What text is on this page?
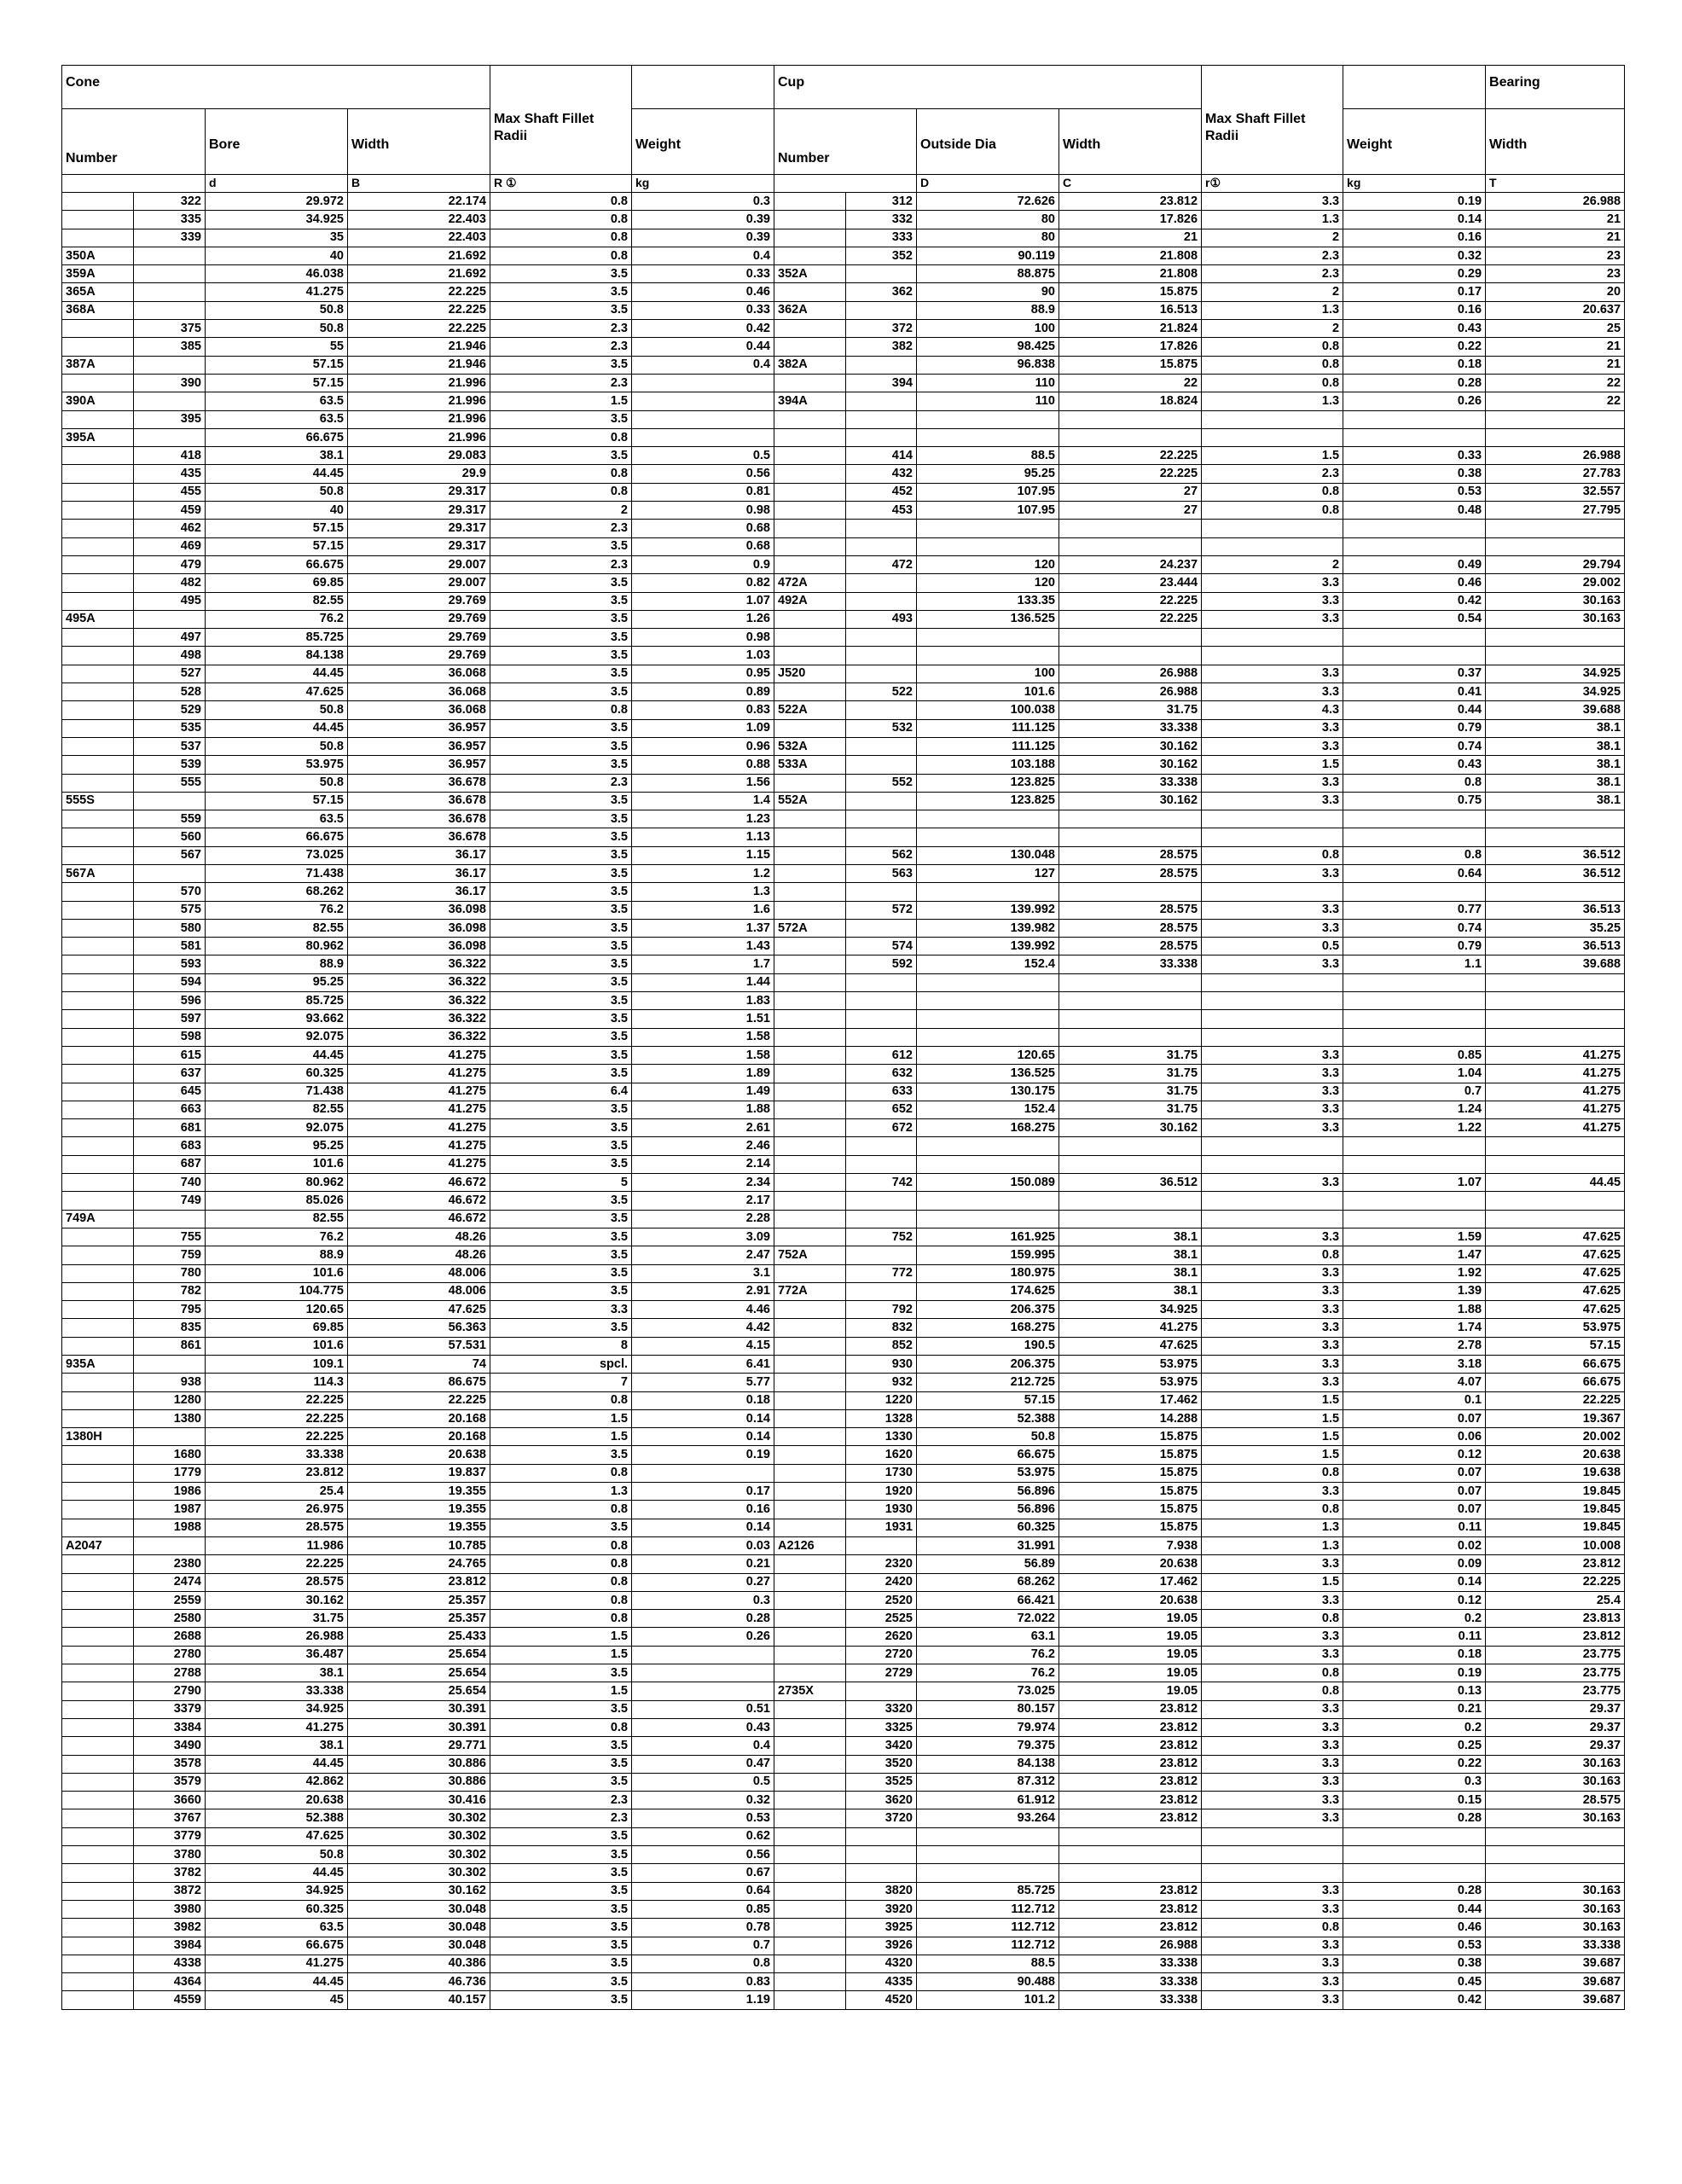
Cone				Max Shaft Fillet Radii		Cup				Max Shaft Fillet Radii		Bearing
Number		Bore	Width		Weight	Number		Outside Dia	Width		Weight	Width
		d	B	R ①	kg			D	C	r①	kg	T
	322	29.972	22.174	0.8	0.3		312	72.626	23.812	3.3	0.19	26.988
	335	34.925	22.403	0.8	0.39		332	80	17.826	1.3	0.14	21
	339	35	22.403	0.8	0.39		333	80	21	2	0.16	21
350A		40	21.692	0.8	0.4		352	90.119	21.808	2.3	0.32	23
359A		46.038	21.692	3.5	0.33	352A		88.875	21.808	2.3	0.29	23
365A		41.275	22.225	3.5	0.46		362	90	15.875	2	0.17	20
368A		50.8	22.225	3.5	0.33	362A		88.9	16.513	1.3	0.16	20.637
	375	50.8	22.225	2.3	0.42		372	100	21.824	2	0.43	25
	385	55	21.946	2.3	0.44		382	98.425	17.826	0.8	0.22	21
387A		57.15	21.946	3.5	0.4	382A		96.838	15.875	0.8	0.18	21
	390	57.15	21.996	2.3			394	110	22	0.8	0.28	22
390A		63.5	21.996	1.5		394A		110	18.824	1.3	0.26	22
	395	63.5	21.996	3.5								
395A		66.675	21.996	0.8								
	418	38.1	29.083	3.5	0.5		414	88.5	22.225	1.5	0.33	26.988
	435	44.45	29.9	0.8	0.56		432	95.25	22.225	2.3	0.38	27.783
	455	50.8	29.317	0.8	0.81		452	107.95	27	0.8	0.53	32.557
	459	40	29.317	2	0.98		453	107.95	27	0.8	0.48	27.795
	462	57.15	29.317	2.3	0.68							
	469	57.15	29.317	3.5	0.68							
	479	66.675	29.007	2.3	0.9		472	120	24.237	2	0.49	29.794
	482	69.85	29.007	3.5	0.82	472A		120	23.444	3.3	0.46	29.002
	495	82.55	29.769	3.5	1.07	492A		133.35	22.225	3.3	0.42	30.163
495A		76.2	29.769	3.5	1.26		493	136.525	22.225	3.3	0.54	30.163
	497	85.725	29.769	3.5	0.98							
	498	84.138	29.769	3.5	1.03							
	527	44.45	36.068	3.5	0.95	J520		100	26.988	3.3	0.37	34.925
	528	47.625	36.068	3.5	0.89		522	101.6	26.988	3.3	0.41	34.925
	529	50.8	36.068	0.8	0.83	522A		100.038	31.75	4.3	0.44	39.688
	535	44.45	36.957	3.5	1.09		532	111.125	33.338	3.3	0.79	38.1
	537	50.8	36.957	3.5	0.96	532A		111.125	30.162	3.3	0.74	38.1
	539	53.975	36.957	3.5	0.88	533A		103.188	30.162	1.5	0.43	38.1
	555	50.8	36.678	2.3	1.56		552	123.825	33.338	3.3	0.8	38.1
555S		57.15	36.678	3.5	1.4	552A		123.825	30.162	3.3	0.75	38.1
	559	63.5	36.678	3.5	1.23							
	560	66.675	36.678	3.5	1.13							
	567	73.025	36.17	3.5	1.15		562	130.048	28.575	0.8	0.8	36.512
567A		71.438	36.17	3.5	1.2		563	127	28.575	3.3	0.64	36.512
	570	68.262	36.17	3.5	1.3							
	575	76.2	36.098	3.5	1.6		572	139.992	28.575	3.3	0.77	36.513
	580	82.55	36.098	3.5	1.37	572A		139.982	28.575	3.3	0.74	35.25
	581	80.962	36.098	3.5	1.43		574	139.992	28.575	0.5	0.79	36.513
	593	88.9	36.322	3.5	1.7		592	152.4	33.338	3.3	1.1	39.688
	594	95.25	36.322	3.5	1.44							
	596	85.725	36.322	3.5	1.83							
	597	93.662	36.322	3.5	1.51							
	598	92.075	36.322	3.5	1.58							
	615	44.45	41.275	3.5	1.58		612	120.65	31.75	3.3	0.85	41.275
	637	60.325	41.275	3.5	1.89		632	136.525	31.75	3.3	1.04	41.275
	645	71.438	41.275	6.4	1.49		633	130.175	31.75	3.3	0.7	41.275
	663	82.55	41.275	3.5	1.88		652	152.4	31.75	3.3	1.24	41.275
	681	92.075	41.275	3.5	2.61		672	168.275	30.162	3.3	1.22	41.275
	683	95.25	41.275	3.5	2.46							
	687	101.6	41.275	3.5	2.14							
	740	80.962	46.672	5	2.34		742	150.089	36.512	3.3	1.07	44.45
	749	85.026	46.672	3.5	2.17							
749A		82.55	46.672	3.5	2.28							
	755	76.2	48.26	3.5	3.09		752	161.925	38.1	3.3	1.59	47.625
	759	88.9	48.26	3.5	2.47	752A		159.995	38.1	0.8	1.47	47.625
	780	101.6	48.006	3.5	3.1		772	180.975	38.1	3.3	1.92	47.625
	782	104.775	48.006	3.5	2.91	772A		174.625	38.1	3.3	1.39	47.625
	795	120.65	47.625	3.3	4.46		792	206.375	34.925	3.3	1.88	47.625
	835	69.85	56.363	3.5	4.42		832	168.275	41.275	3.3	1.74	53.975
	861	101.6	57.531	8	4.15		852	190.5	47.625	3.3	2.78	57.15
935A		109.1	74	spcl.	6.41		930	206.375	53.975	3.3	3.18	66.675
	938	114.3	86.675	7	5.77		932	212.725	53.975	3.3	4.07	66.675
	1280	22.225	22.225	0.8	0.18		1220	57.15	17.462	1.5	0.1	22.225
	1380	22.225	20.168	1.5	0.14		1328	52.388	14.288	1.5	0.07	19.367
1380H		22.225	20.168	1.5	0.14		1330	50.8	15.875	1.5	0.06	20.002
	1680	33.338	20.638	3.5	0.19		1620	66.675	15.875	1.5	0.12	20.638
	1779	23.812	19.837	0.8			1730	53.975	15.875	0.8	0.07	19.638
	1986	25.4	19.355	1.3	0.17		1920	56.896	15.875	3.3	0.07	19.845
	1987	26.975	19.355	0.8	0.16		1930	56.896	15.875	0.8	0.07	19.845
	1988	28.575	19.355	3.5	0.14		1931	60.325	15.875	1.3	0.11	19.845
A2047		11.986	10.785	0.8	0.03	A2126		31.991	7.938	1.3	0.02	10.008
	2380	22.225	24.765	0.8	0.21		2320	56.89	20.638	3.3	0.09	23.812
	2474	28.575	23.812	0.8	0.27		2420	68.262	17.462	1.5	0.14	22.225
	2559	30.162	25.357	0.8	0.3		2520	66.421	20.638	3.3	0.12	25.4
	2580	31.75	25.357	0.8	0.28		2525	72.022	19.05	0.8	0.2	23.813
	2688	26.988	25.433	1.5	0.26		2620	63.1	19.05	3.3	0.11	23.812
	2780	36.487	25.654	1.5			2720	76.2	19.05	3.3	0.18	23.775
	2788	38.1	25.654	3.5			2729	76.2	19.05	0.8	0.19	23.775
	2790	33.338	25.654	1.5		2735X		73.025	19.05	0.8	0.13	23.775
	3379	34.925	30.391	3.5	0.51		3320	80.157	23.812	3.3	0.21	29.37
	3384	41.275	30.391	0.8	0.43		3325	79.974	23.812	3.3	0.2	29.37
	3490	38.1	29.771	3.5	0.4		3420	79.375	23.812	3.3	0.25	29.37
	3578	44.45	30.886	3.5	0.47		3520	84.138	23.812	3.3	0.22	30.163
	3579	42.862	30.886	3.5	0.5		3525	87.312	23.812	3.3	0.3	30.163
	3660	20.638	30.416	2.3	0.32		3620	61.912	23.812	3.3	0.15	28.575
	3767	52.388	30.302	2.3	0.53		3720	93.264	23.812	3.3	0.28	30.163
	3779	47.625	30.302	3.5	0.62							
	3780	50.8	30.302	3.5	0.56							
	3782	44.45	30.302	3.5	0.67							
	3872	34.925	30.162	3.5	0.64		3820	85.725	23.812	3.3	0.28	30.163
	3980	60.325	30.048	3.5	0.85		3920	112.712	23.812	3.3	0.44	30.163
	3982	63.5	30.048	3.5	0.78		3925	112.712	23.812	0.8	0.46	30.163
	3984	66.675	30.048	3.5	0.7		3926	112.712	26.988	3.3	0.53	33.338
	4338	41.275	40.386	3.5	0.8		4320	88.5	33.338	3.3	0.38	39.687
	4364	44.45	46.736	3.5	0.83		4335	90.488	33.338	3.3	0.45	39.687
	4559	45	40.157	3.5	1.19		4520	101.2	33.338	3.3	0.42	39.687
